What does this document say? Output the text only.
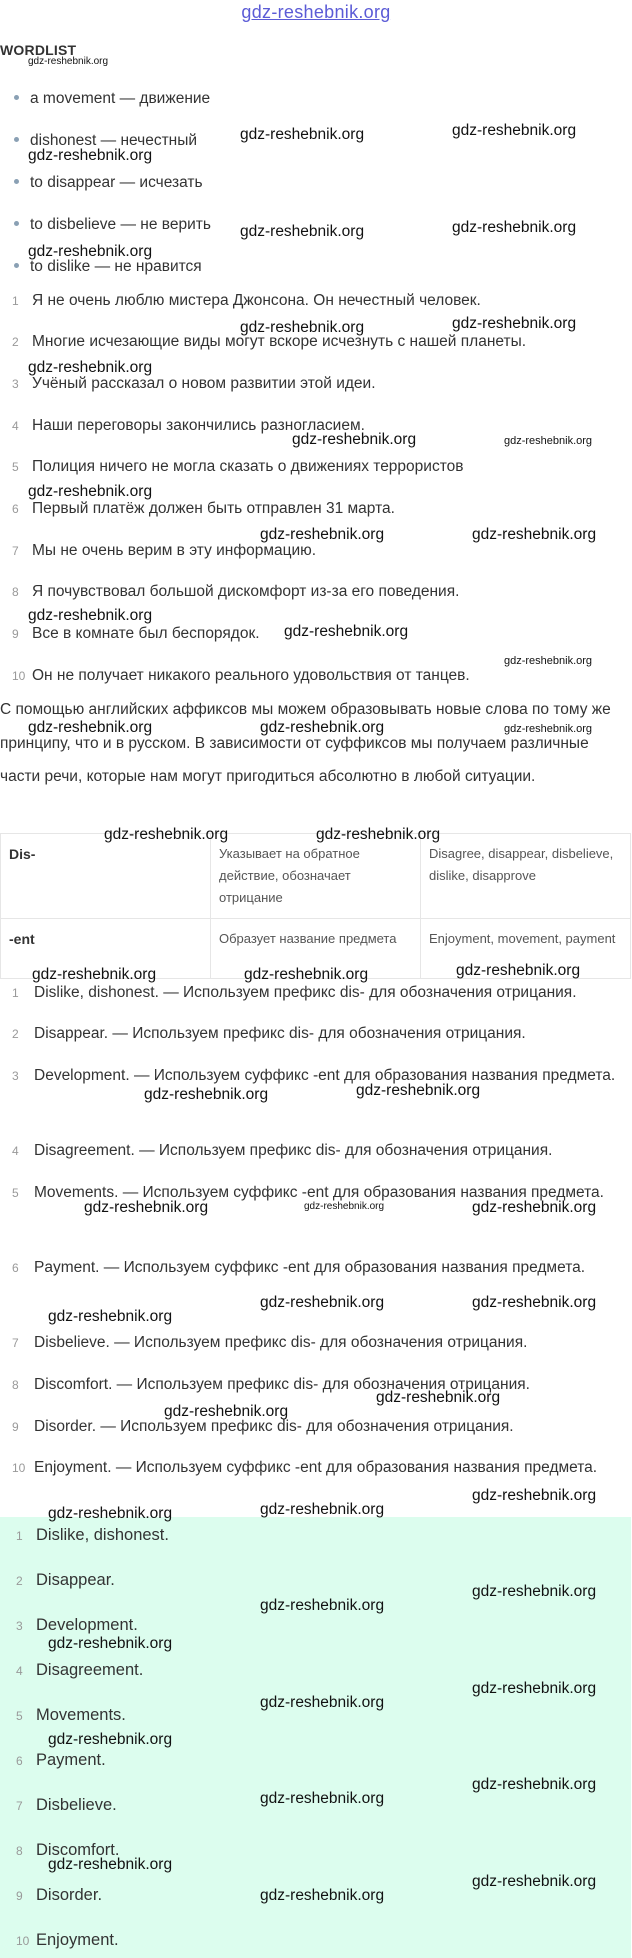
gdz-reshebnik.org
WORDLIST
a movement — движение
dishonest — нечестный
to disappear — исчезать
to disbelieve — не верить
to dislike — не нравится
1 Я не очень люблю мистера Джонсона. Он нечестный человек.
2 Многие исчезающие виды могут вскоре исчезнуть с нашей планеты.
3 Учёный рассказал о новом развитии этой идеи.
4 Наши переговоры закончились разногласием.
5 Полиция ничего не могла сказать о движениях террористов
6 Первый платёж должен быть отправлен 31 марта.
7 Мы не очень верим в эту информацию.
8 Я почувствовал большой дискомфорт из-за его поведения.
9 Все в комнате был беспорядок.
10 Он не получает никакого реального удовольствия от танцев.
С помощью английских аффиксов мы можем образовывать новые слова по тому же принципу, что и в русском. В зависимости от суффиксов мы получаем различные части речи, которые нам могут пригодиться абсолютно в любой ситуации.
Dis-	Указывает на обратное действие, обозначает отрицание	Disagree, disappear, disbelieve, dislike, disapprove
-ent	Образует название предмета	Enjoyment, movement, payment
1 Dislike, dishonest. — Используем префикс dis- для обозначения отрицания.
2 Disappear. — Используем префикс dis- для обозначения отрицания.
3 Development. — Используем суффикс -ent для образования названия предмета.
4 Disagreement. — Используем префикс dis- для обозначения отрицания.
5 Movements. — Используем суффикс -ent для образования названия предмета.
6 Payment. — Используем суффикс -ent для образования названия предмета.
7 Disbelieve. — Используем префикс dis- для обозначения отрицания.
8 Discomfort. — Используем префикс dis- для обозначения отрицания.
9 Disorder. — Используем префикс dis- для обозначения отрицания.
10 Enjoyment. — Используем суффикс -ent для образования названия предмета.
1 Dislike, dishonest.
2 Disappear.
3 Development.
4 Disagreement.
5 Movements.
6 Payment.
7 Disbelieve.
8 Discomfort.
9 Disorder.
10 Enjoyment.
gdz-reshebnik.org
gdz-reshebnik.org	gdz-reshebnik.org
gdz-reshebnik.org
gdz-reshebnik.org	gdz-reshebnik.org
gdz-reshebnik.org
gdz-reshebnik.org	gdz-reshebnik.org
gdz-reshebnik.org
gdz-reshebnik.org	gdz-reshebnik.org
gdz-reshebnik.org
gdz-reshebnik.org	gdz-reshebnik.org
gdz-reshebnik.org
gdz-reshebnik.org
gdz-reshebnik.org
gdz-reshebnik.org	gdz-reshebnik.org	gdz-reshebnik.org
gdz-reshebnik.org	gdz-reshebnik.org
gdz-reshebnik.org	gdz-reshebnik.org	gdz-reshebnik.org
gdz-reshebnik.org	gdz-reshebnik.org
gdz-reshebnik.org	gdz-reshebnik.org	gdz-reshebnik.org
gdz-reshebnik.org	gdz-reshebnik.org
gdz-reshebnik.org
gdz-reshebnik.org
gdz-reshebnik.org
gdz-reshebnik.org
gdz-reshebnik.org
gdz-reshebnik.org
gdz-reshebnik.org
gdz-reshebnik.org
gdz-reshebnik.org
gdz-reshebnik.org
gdz-reshebnik.org
gdz-reshebnik.org
gdz-reshebnik.org
gdz-reshebnik.org
gdz-reshebnik.org
gdz-reshebnik.org
gdz-reshebnik.org
